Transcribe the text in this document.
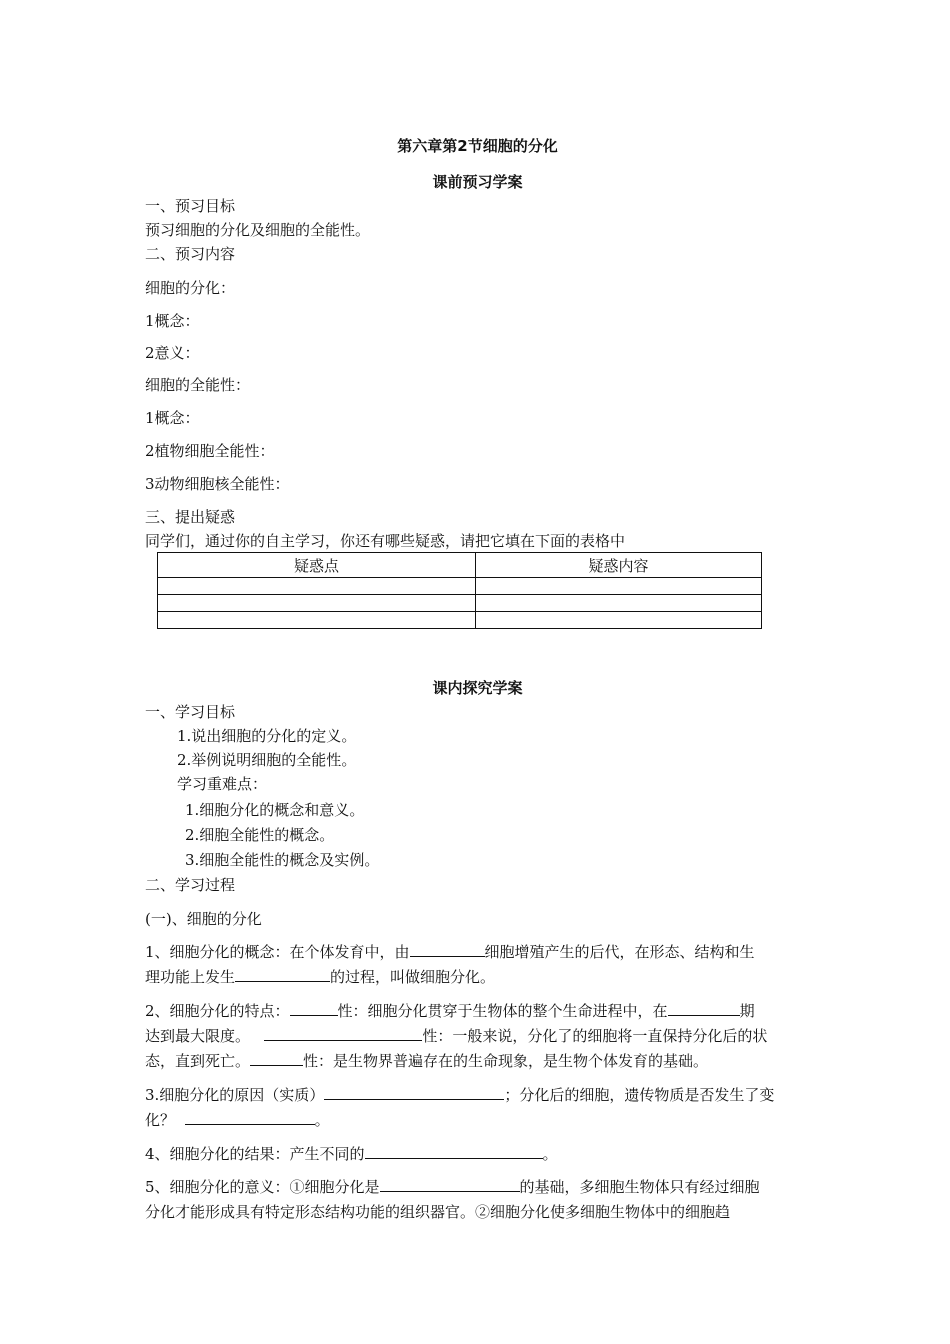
第六章第2节细胞的分化
课前预习学案
一、预习目标
预习细胞的分化及细胞的全能性。
二、预习内容
细胞的分化：
1概念：
2意义：
细胞的全能性：
1概念：
2植物细胞全能性：
3动物细胞核全能性：
三、提出疑惑
同学们，通过你的自主学习，你还有哪些疑惑，请把它填在下面的表格中
疑惑点	疑惑内容

课内探究学案
一、学习目标
1.说出细胞的分化的定义。
2.举例说明细胞的全能性。
学习重难点：
1.细胞分化的概念和意义。
2.细胞全能性的概念。
3.细胞全能性的概念及实例。
二、学习过程
(一)、细胞的分化
1、细胞分化的概念：在个体发育中，由	细胞增殖产生的后代，在形态、结构和生
理功能上发生	的过程，叫做细胞分化。
2、细胞分化的特点：	性：细胞分化贯穿于生物体的整个生命进程中，在	期
达到最大限度。	性：一般来说，分化了的细胞将一直保持分化后的状
态，直到死亡。	性：是生物界普遍存在的生命现象，是生物个体发育的基础。
3.细胞分化的原因（实质）	；分化后的细胞，遗传物质是否发生了变
化？	。
4、细胞分化的结果：产生不同的	。
5、细胞分化的意义：①细胞分化是	的基础，多细胞生物体只有经过细胞
分化才能形成具有特定形态结构功能的组织器官。②细胞分化使多细胞生物体中的细胞趋
